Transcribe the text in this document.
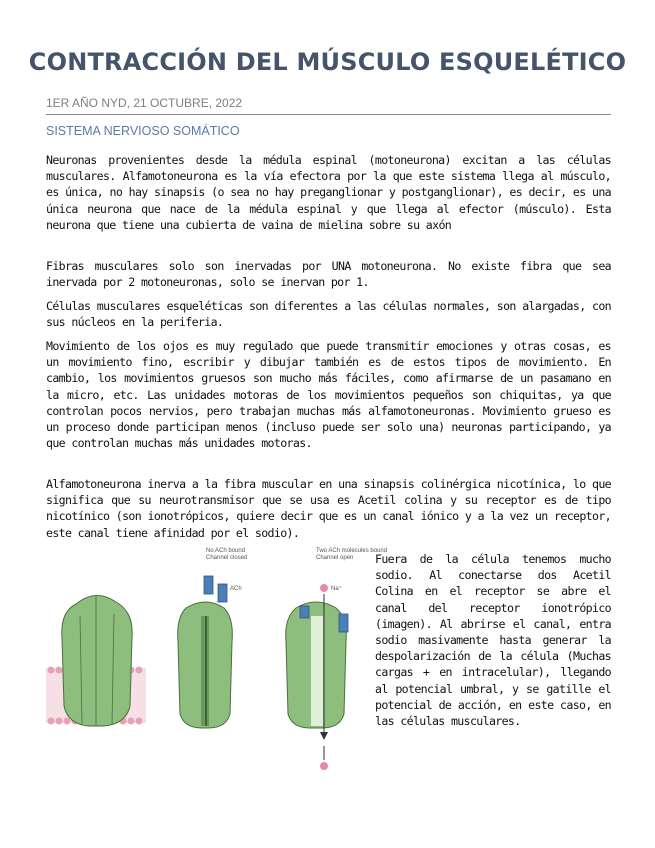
CONTRACCIÓN DEL MÚSCULO ESQUELÉTICO
1ER AÑO NYD, 21 OCTUBRE, 2022
SISTEMA NERVIOSO SOMÁTICO

Neuronas provenientes desde la médula espinal (motoneurona) excitan a las células musculares. Alfamotoneurona es la vía efectora por la que este sistema llega al músculo, es única, no hay sinapsis (o sea no hay preganglionar y postganglionar), es decir, es una única neurona que nace de la médula espinal y que llega al efector (músculo). Esta neurona que tiene una cubierta de vaina de mielina sobre su axón

Fibras musculares solo son inervadas por UNA motoneurona. No existe fibra que sea inervada por 2 motoneuronas, solo se inervan por 1.

Células musculares esqueléticas son diferentes a las células normales, son alargadas, con sus núcleos en la periferia.

Movimiento de los ojos es muy regulado que puede transmitir emociones y otras cosas, es un movimiento fino, escribir y dibujar también es de estos tipos de movimiento. En cambio, los movimientos gruesos son mucho más fáciles, como afirmarse de un pasamano en la micro, etc. Las unidades motoras de los movimientos pequeños son chiquitas, ya que controlan pocos nervios, pero trabajan muchas más alfamotoneuronas. Movimiento grueso es un proceso donde participan menos (incluso puede ser solo una) neuronas participando, ya que controlan muchas más unidades motoras.

Alfamotoneurona inerva a la fibra muscular en una sinapsis colinérgica nicotínica, lo que significa que su neurotransmisor que se usa es Acetil colina y su receptor es de tipo nicotínico (son ionotrópicos, quiere decir que es un canal iónico y a la vez un receptor, este canal tiene afinidad por el sodio).

Fuera de la célula tenemos mucho sodio. Al conectarse dos Acetil Colina en el receptor se abre el canal del receptor ionotrópico (imagen). Al abrirse el canal, entra sodio masivamente hasta generar la despolarización de la célula (Muchas cargas + en intracelular), llegando al potencial umbral, y se gatille el potencial de acción, en este caso, en las células musculares.

No ACh bound
Channel closed
ACh
Two ACh molecules bound
Channel open
Na⁺
